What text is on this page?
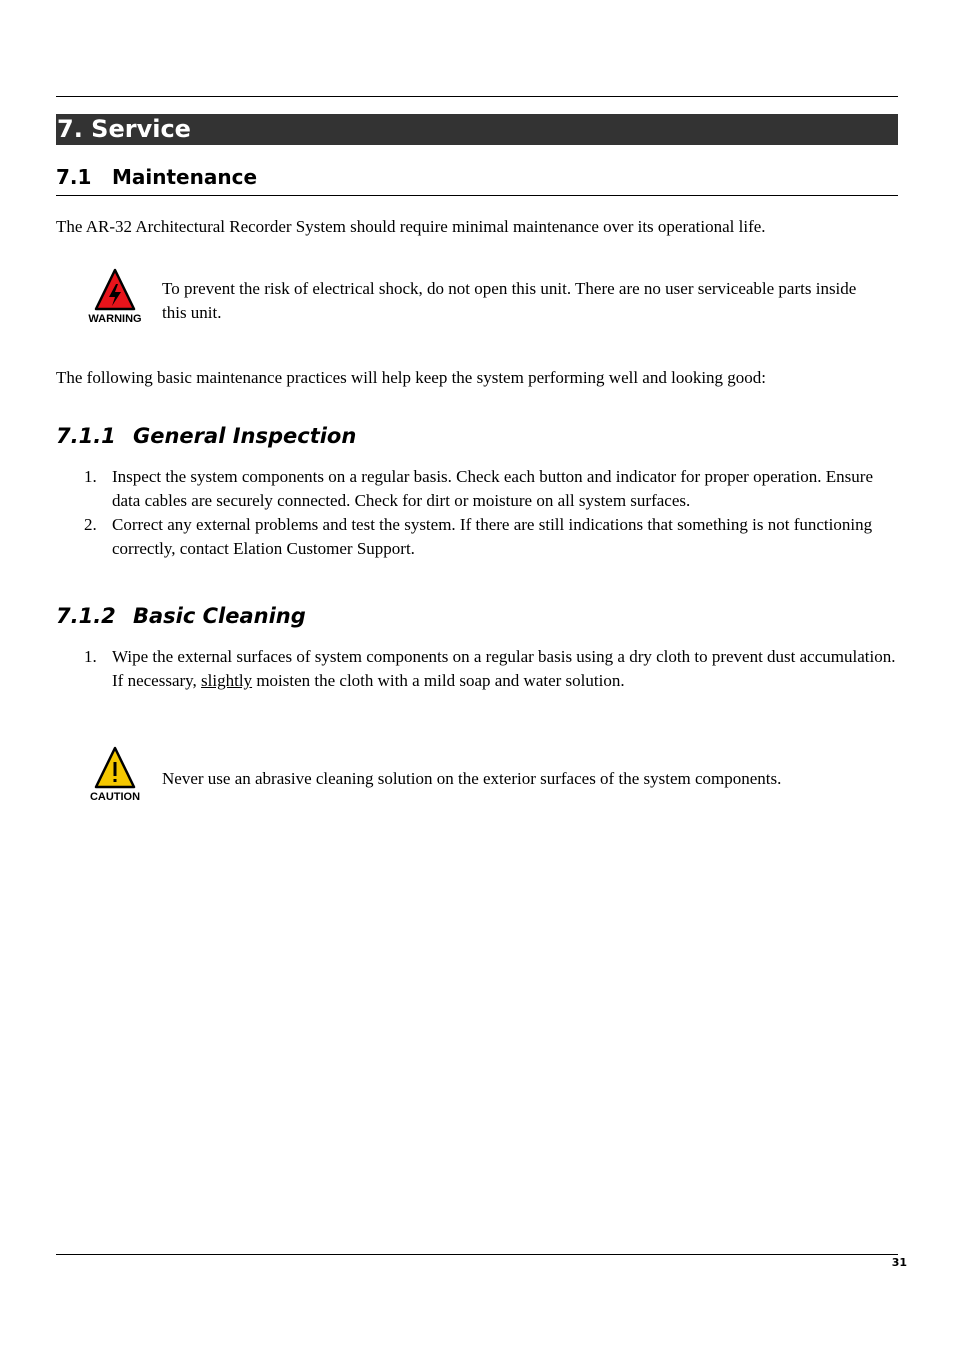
7. Service
7.1 Maintenance
The AR-32 Architectural Recorder System should require minimal maintenance over its operational life.
WARNING
To prevent the risk of electrical shock, do not open this unit. There are no user serviceable parts inside this unit.
The following basic maintenance practices will help keep the system performing well and looking good:
7.1.1 General Inspection
1. Inspect the system components on a regular basis. Check each button and indicator for proper operation. Ensure data cables are securely connected. Check for dirt or moisture on all system surfaces.
2. Correct any external problems and test the system. If there are still indications that something is not functioning correctly, contact Elation Customer Support.
7.1.2 Basic Cleaning
1. Wipe the external surfaces of system components on a regular basis using a dry cloth to prevent dust accumulation. If necessary, slightly moisten the cloth with a mild soap and water solution.
CAUTION
Never use an abrasive cleaning solution on the exterior surfaces of the system components.
31
